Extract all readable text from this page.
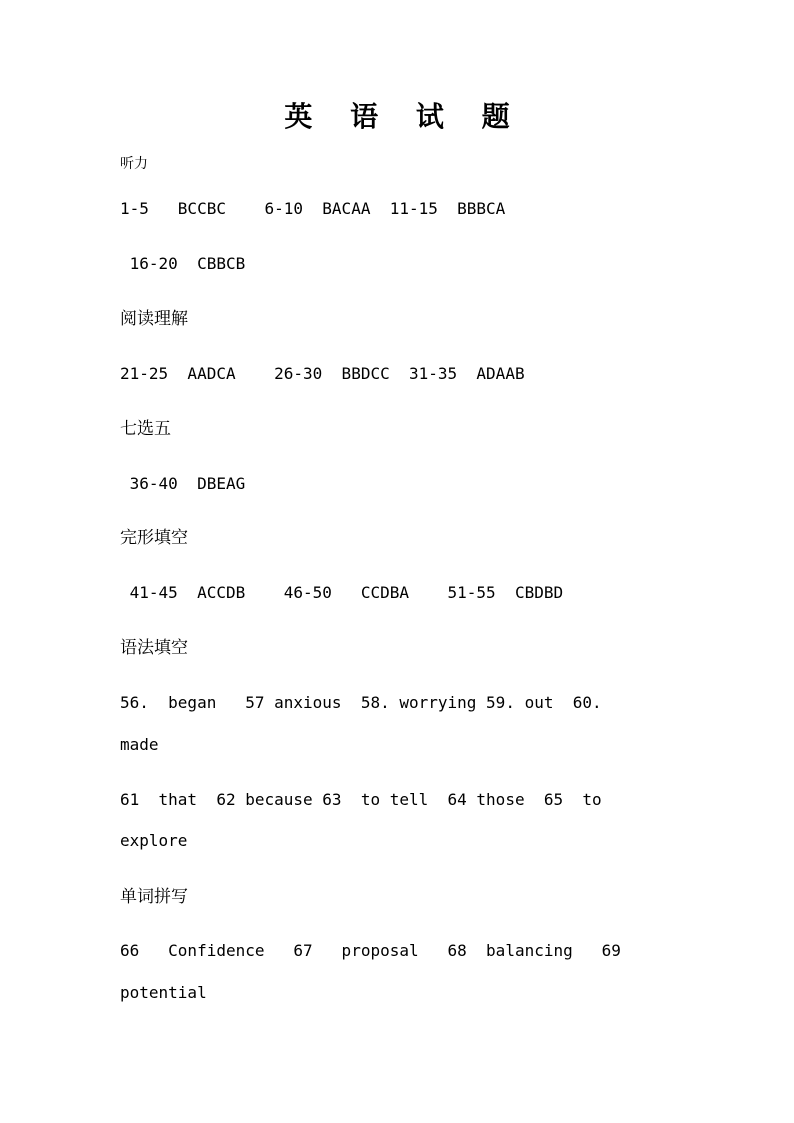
英 语 试 题
听力
1-5   BCCBC    6-10  BACAA  11-15  BBBCA
16-20  CBBCB
阅读理解
21-25  AADCA    26-30  BBDCC  31-35  ADAAB
七选五
36-40  DBEAG
完形填空
41-45  ACCDB    46-50   CCDBA    51-55  CBDBD
语法填空
56.  began   57 anxious  58. worrying 59. out  60.
made
61  that  62 because 63  to tell  64 those  65  to
explore
单词拼写
66   Confidence   67   proposal   68  balancing   69
potential
